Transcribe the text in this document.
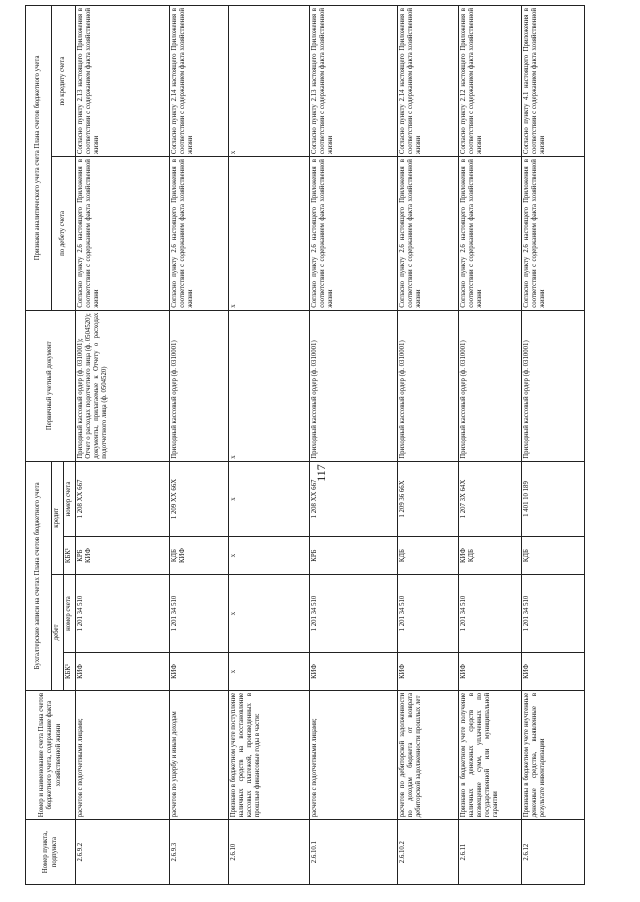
117
Номер пункта, подпункта	Номер и наименование счета Плана счетов бюджетного учета, содержание факта хозяйственной жизни	Бухгалтерские записи на счетах Плана счетов бюджетного учета				Первичный учетный документ	Признаки аналитического учета счета Плана счетов бюджетного учета	
		дебет		кредит			по дебету счета	по кредиту счета
		КБК¹	номер счета	КБК¹	номер счета			
2.6.9.2	расчетов с подотчетными лицами;	КИФ	1 201 34 510	КРБ КИФ	1 208 XX 667	Приходный кассовый ордер (ф. 0310001); Отчет о расходах подотчетного лица (ф. 0504520); документы, прилагаемые к Отчету о расходах подотчетного лица (ф. 0504520)	Согласно пункту 2.6 настоящего Приложения в соответствии с содержанием факта хозяйственной жизни	Согласно пункту 2.13 настоящего Приложения в соответствии с содержанием факта хозяйственной жизни
2.6.9.3	расчетов по ущербу и иным доходам	КИФ	1 201 34 510	КДБ КИФ	1 209 XX 66X	Приходный кассовый ордер (ф. 0310001)	Согласно пункту 2.6 настоящего Приложения в соответствии с содержанием факта хозяйственной жизни	Согласно пункту 2.14 настоящего Приложения в соответствии с содержанием факта хозяйственной жизни
2.6.10	Признано в бюджетном учете поступление наличных средств на восстановление кассовых платежей, произведенных в прошлые финансовые годы в части:	x	x	x	x	x	x	x
2.6.10.1	расчетов с подотчетными лицами;	КИФ	1 201 34 510	КРБ	1 208 XX 667	Приходный кассовый ордер (ф. 0310001)	Согласно пункту 2.6 настоящего Приложения в соответствии с содержанием факта хозяйственной жизни	Согласно пункту 2.13 настоящего Приложения в соответствии с содержанием факта хозяйственной жизни
2.6.10.2	расчетов по дебиторской задолженности по доходам бюджета от возврата дебиторской задолженности прошлых лет	КИФ	1 201 34 510	КДБ	1 209 36 66X	Приходный кассовый ордер (ф. 0310001)	Согласно пункту 2.6 настоящего Приложения в соответствии с содержанием факта хозяйственной жизни	Согласно пункту 2.14 настоящего Приложения в соответствии с содержанием факта хозяйственной жизни
2.6.11	Признано в бюджетном учете получение наличных денежных средств в возмещение сумм, уплаченных по государственной или муниципальной гарантии	КИФ	1 201 34 510	КИФ КДБ	1 207 3X 64X	Приходный кассовый ордер (ф. 0310001)	Согласно пункту 2.6 настоящего Приложения в соответствии с содержанием факта хозяйственной жизни	Согласно пункту 2.12 настоящего Приложения в соответствии с содержанием факта хозяйственной жизни
2.6.12	Признаны в бюджетном учете неучтенные денежные средства, выявленные в результате инвентаризации	КИФ	1 201 34 510	КДБ	1 401 10 189	Приходный кассовый ордер (ф. 0310001)	Согласно пункту 2.6 настоящего Приложения в соответствии с содержанием факта хозяйственной жизни	Согласно пункту 4.1 настоящего Приложения в соответствии с содержанием факта хозяйственной жизни
